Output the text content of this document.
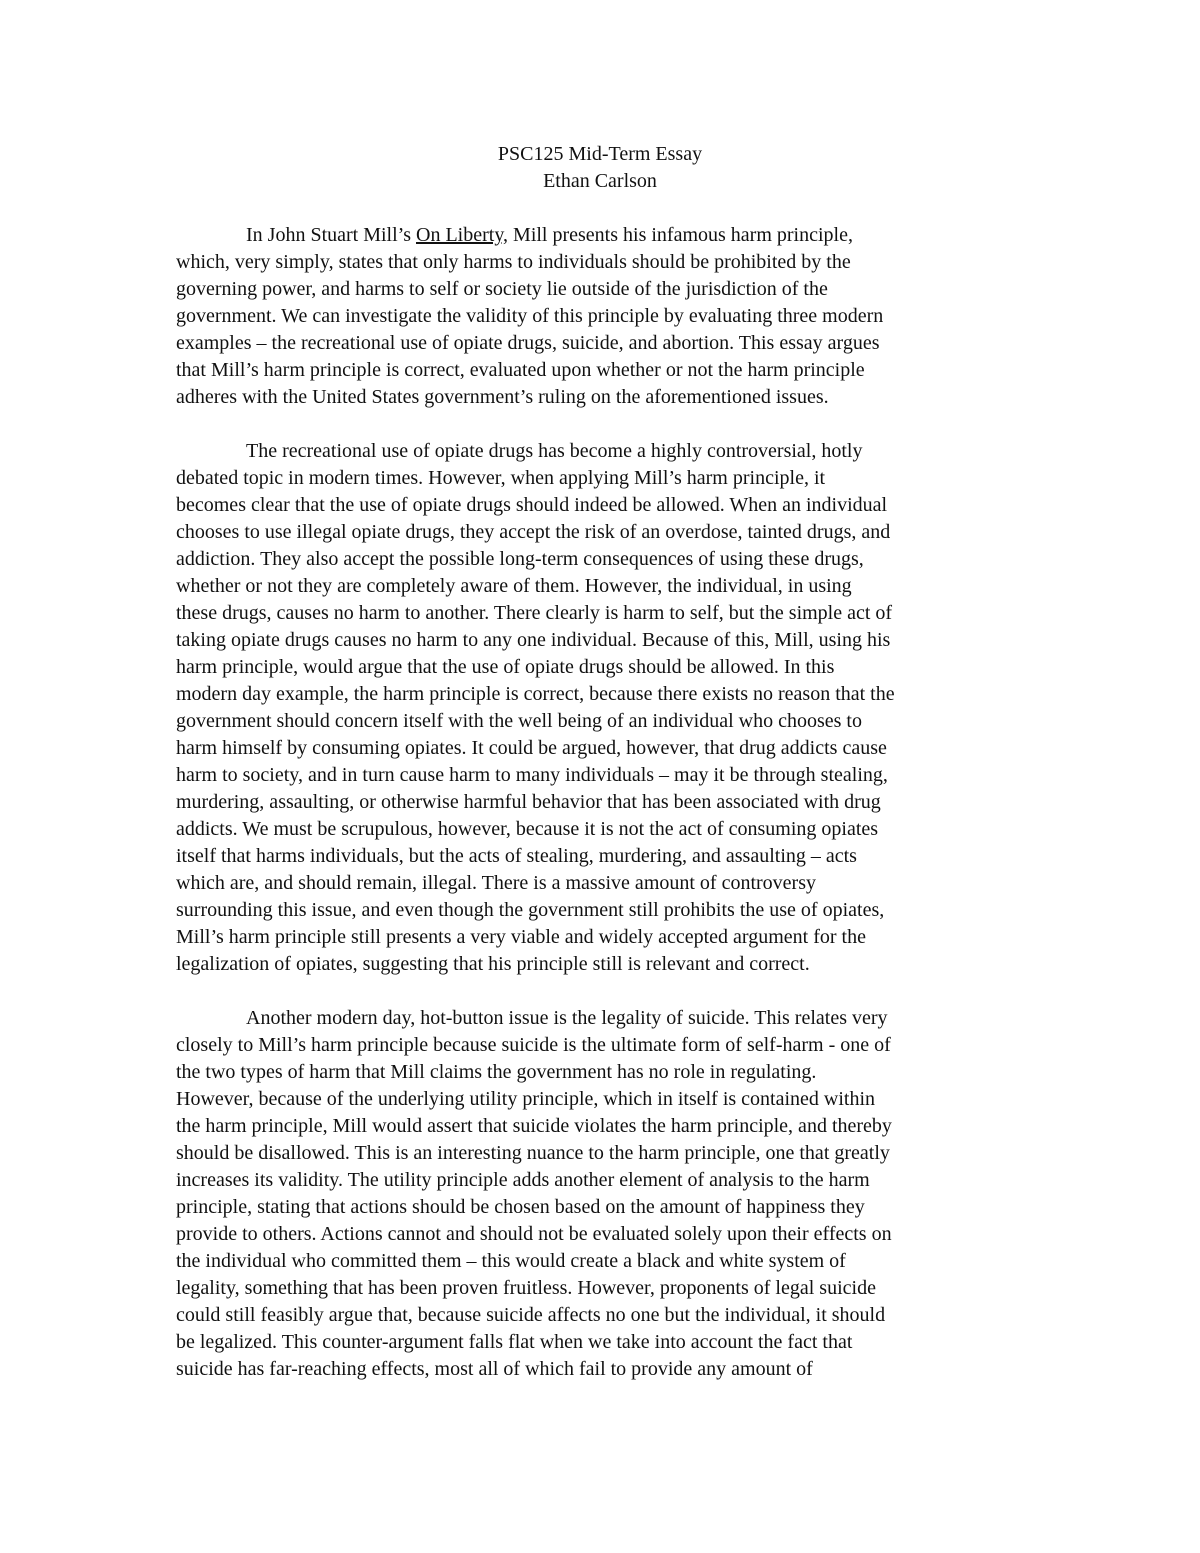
PSC125 Mid-Term Essay
Ethan Carlson
In John Stuart Mill’s On Liberty, Mill presents his infamous harm principle,
which, very simply, states that only harms to individuals should be prohibited by the
governing power, and harms to self or society lie outside of the jurisdiction of the
government. We can investigate the validity of this principle by evaluating three modern
examples – the recreational use of opiate drugs, suicide, and abortion. This essay argues
that Mill’s harm principle is correct, evaluated upon whether or not the harm principle
adheres with the United States government’s ruling on the aforementioned issues.
The recreational use of opiate drugs has become a highly controversial, hotly
debated topic in modern times. However, when applying Mill’s harm principle, it
becomes clear that the use of opiate drugs should indeed be allowed. When an individual
chooses to use illegal opiate drugs, they accept the risk of an overdose, tainted drugs, and
addiction. They also accept the possible long-term consequences of using these drugs,
whether or not they are completely aware of them. However, the individual, in using
these drugs, causes no harm to another. There clearly is harm to self, but the simple act of
taking opiate drugs causes no harm to any one individual. Because of this, Mill, using his
harm principle, would argue that the use of opiate drugs should be allowed. In this
modern day example, the harm principle is correct, because there exists no reason that the
government should concern itself with the well being of an individual who chooses to
harm himself by consuming opiates. It could be argued, however, that drug addicts cause
harm to society, and in turn cause harm to many individuals – may it be through stealing,
murdering, assaulting, or otherwise harmful behavior that has been associated with drug
addicts. We must be scrupulous, however, because it is not the act of consuming opiates
itself that harms individuals, but the acts of stealing, murdering, and assaulting – acts
which are, and should remain, illegal. There is a massive amount of controversy
surrounding this issue, and even though the government still prohibits the use of opiates,
Mill’s harm principle still presents a very viable and widely accepted argument for the
legalization of opiates, suggesting that his principle still is relevant and correct.
Another modern day, hot-button issue is the legality of suicide. This relates very
closely to Mill’s harm principle because suicide is the ultimate form of self-harm - one of
the two types of harm that Mill claims the government has no role in regulating.
However, because of the underlying utility principle, which in itself is contained within
the harm principle, Mill would assert that suicide violates the harm principle, and thereby
should be disallowed. This is an interesting nuance to the harm principle, one that greatly
increases its validity. The utility principle adds another element of analysis to the harm
principle, stating that actions should be chosen based on the amount of happiness they
provide to others. Actions cannot and should not be evaluated solely upon their effects on
the individual who committed them – this would create a black and white system of
legality, something that has been proven fruitless. However, proponents of legal suicide
could still feasibly argue that, because suicide affects no one but the individual, it should
be legalized. This counter-argument falls flat when we take into account the fact that
suicide has far-reaching effects, most all of which fail to provide any amount of
